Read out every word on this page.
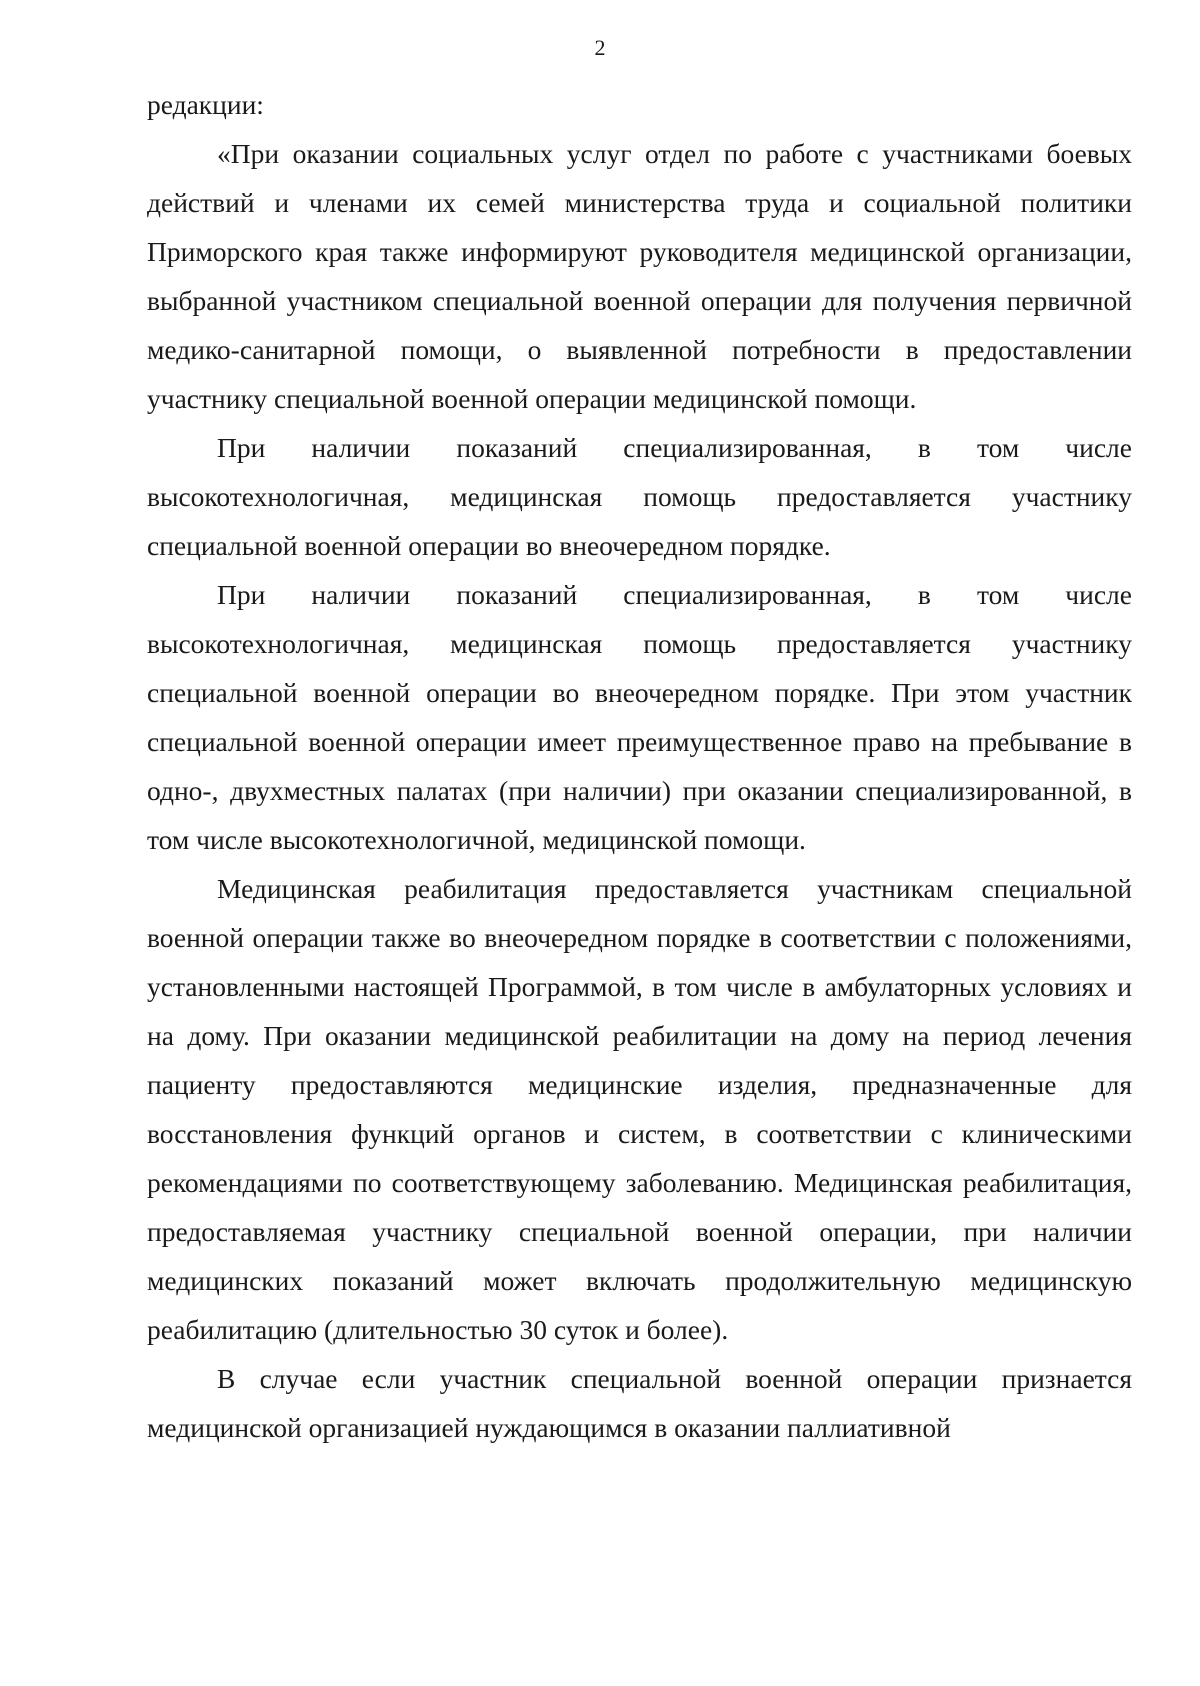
2

редакции:

«При оказании социальных услуг отдел по работе с участниками боевых действий и членами их семей министерства труда и социальной политики Приморского края также информируют руководителя медицинской организации, выбранной участником специальной военной операции для получения первичной медико-санитарной помощи, о выявленной потребности в предоставлении участнику специальной военной операции медицинской помощи.

При наличии показаний специализированная, в том числе высокотехнологичная, медицинская помощь предоставляется участнику специальной военной операции во внеочередном порядке.

При наличии показаний специализированная, в том числе высокотехнологичная, медицинская помощь предоставляется участнику специальной военной операции во внеочередном порядке. При этом участник специальной военной операции имеет преимущественное право на пребывание в одно-, двухместных палатах (при наличии) при оказании специализированной, в том числе высокотехнологичной, медицинской помощи.

Медицинская реабилитация предоставляется участникам специальной военной операции также во внеочередном порядке в соответствии с положениями, установленными настоящей Программой, в том числе в амбулаторных условиях и на дому. При оказании медицинской реабилитации на дому на период лечения пациенту предоставляются медицинские изделия, предназначенные для восстановления функций органов и систем, в соответствии с клиническими рекомендациями по соответствующему заболеванию. Медицинская реабилитация, предоставляемая участнику специальной военной операции, при наличии медицинских показаний может включать продолжительную медицинскую реабилитацию (длительностью 30 суток и более).

В случае если участник специальной военной операции признается медицинской организацией нуждающимся в оказании паллиативной
